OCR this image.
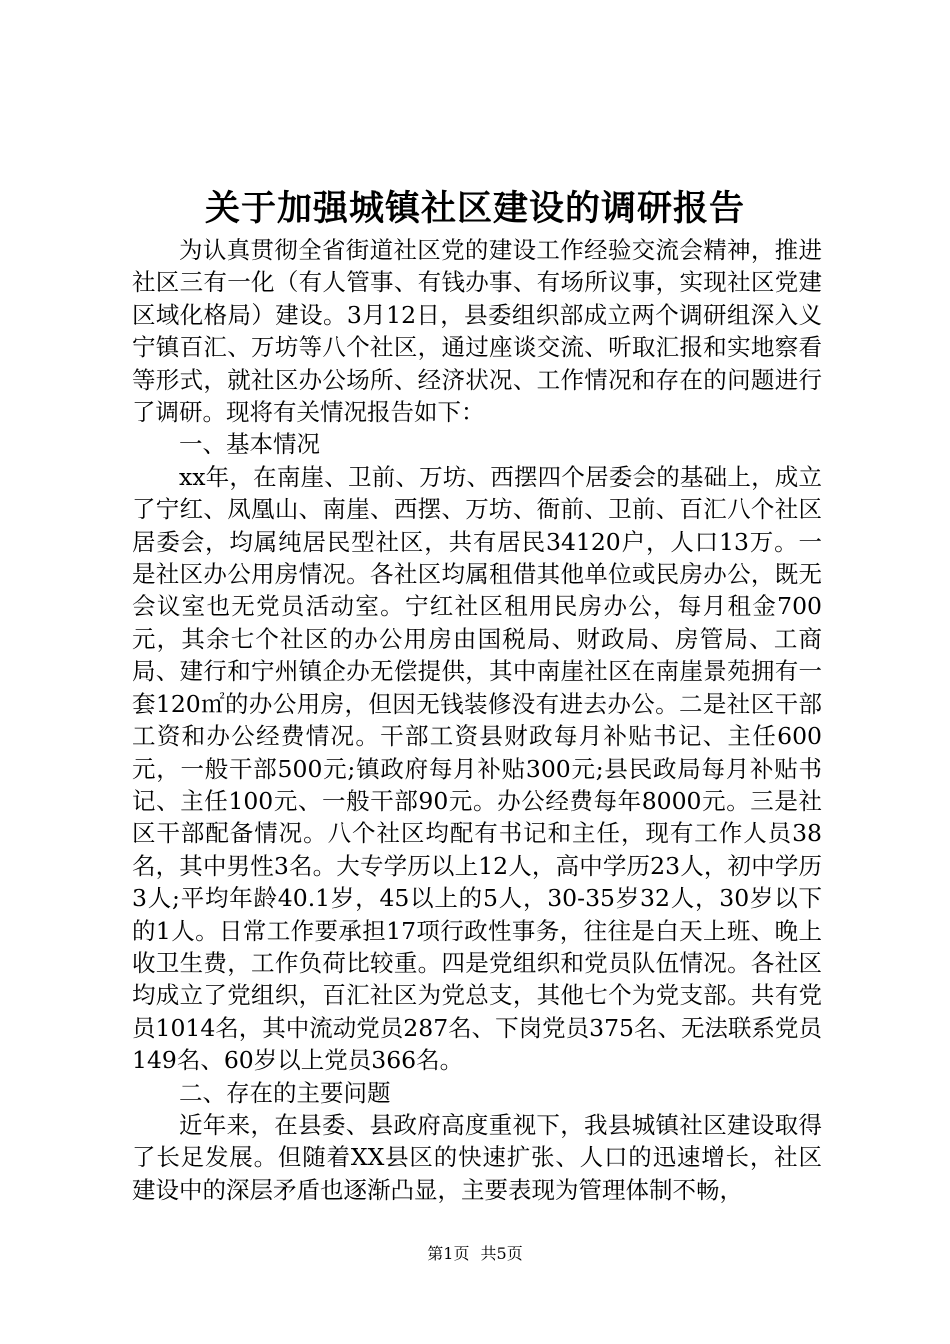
关于加强城镇社区建设的调研报告

为认真贯彻全省街道社区党的建设工作经验交流会精神，推进社区三有一化（有人管事、有钱办事、有场所议事，实现社区党建区域化格局）建设。3月12日，县委组织部成立两个调研组深入义宁镇百汇、万坊等八个社区，通过座谈交流、听取汇报和实地察看等形式，就社区办公场所、经济状况、工作情况和存在的问题进行了调研。现将有关情况报告如下：

一、基本情况

xx年，在南崖、卫前、万坊、西摆四个居委会的基础上，成立了宁红、凤凰山、南崖、西摆、万坊、衙前、卫前、百汇八个社区居委会，均属纯居民型社区，共有居民34120户，人口13万。一是社区办公用房情况。各社区均属租借其他单位或民房办公，既无会议室也无党员活动室。宁红社区租用民房办公，每月租金700元，其余七个社区的办公用房由国税局、财政局、房管局、工商局、建行和宁州镇企办无偿提供，其中南崖社区在南崖景苑拥有一套120㎡的办公用房，但因无钱装修没有进去办公。二是社区干部工资和办公经费情况。干部工资县财政每月补贴书记、主任600元，一般干部500元;镇政府每月补贴300元;县民政局每月补贴书记、主任100元、一般干部90元。办公经费每年8000元。三是社区干部配备情况。八个社区均配有书记和主任，现有工作人员38名，其中男性3名。大专学历以上12人，高中学历23人，初中学历3人;平均年龄40.1岁，45以上的5人，30-35岁32人，30岁以下的1人。日常工作要承担17项行政性事务，往往是白天上班、晚上收卫生费，工作负荷比较重。四是党组织和党员队伍情况。各社区均成立了党组织，百汇社区为党总支，其他七个为党支部。共有党员1014名，其中流动党员287名、下岗党员375名、无法联系党员149名、60岁以上党员366名。

二、存在的主要问题

近年来，在县委、县政府高度重视下，我县城镇社区建设取得了长足发展。但随着XX县区的快速扩张、人口的迅速增长，社区建设中的深层矛盾也逐渐凸显，主要表现为管理体制不畅，

第1页 共5页
